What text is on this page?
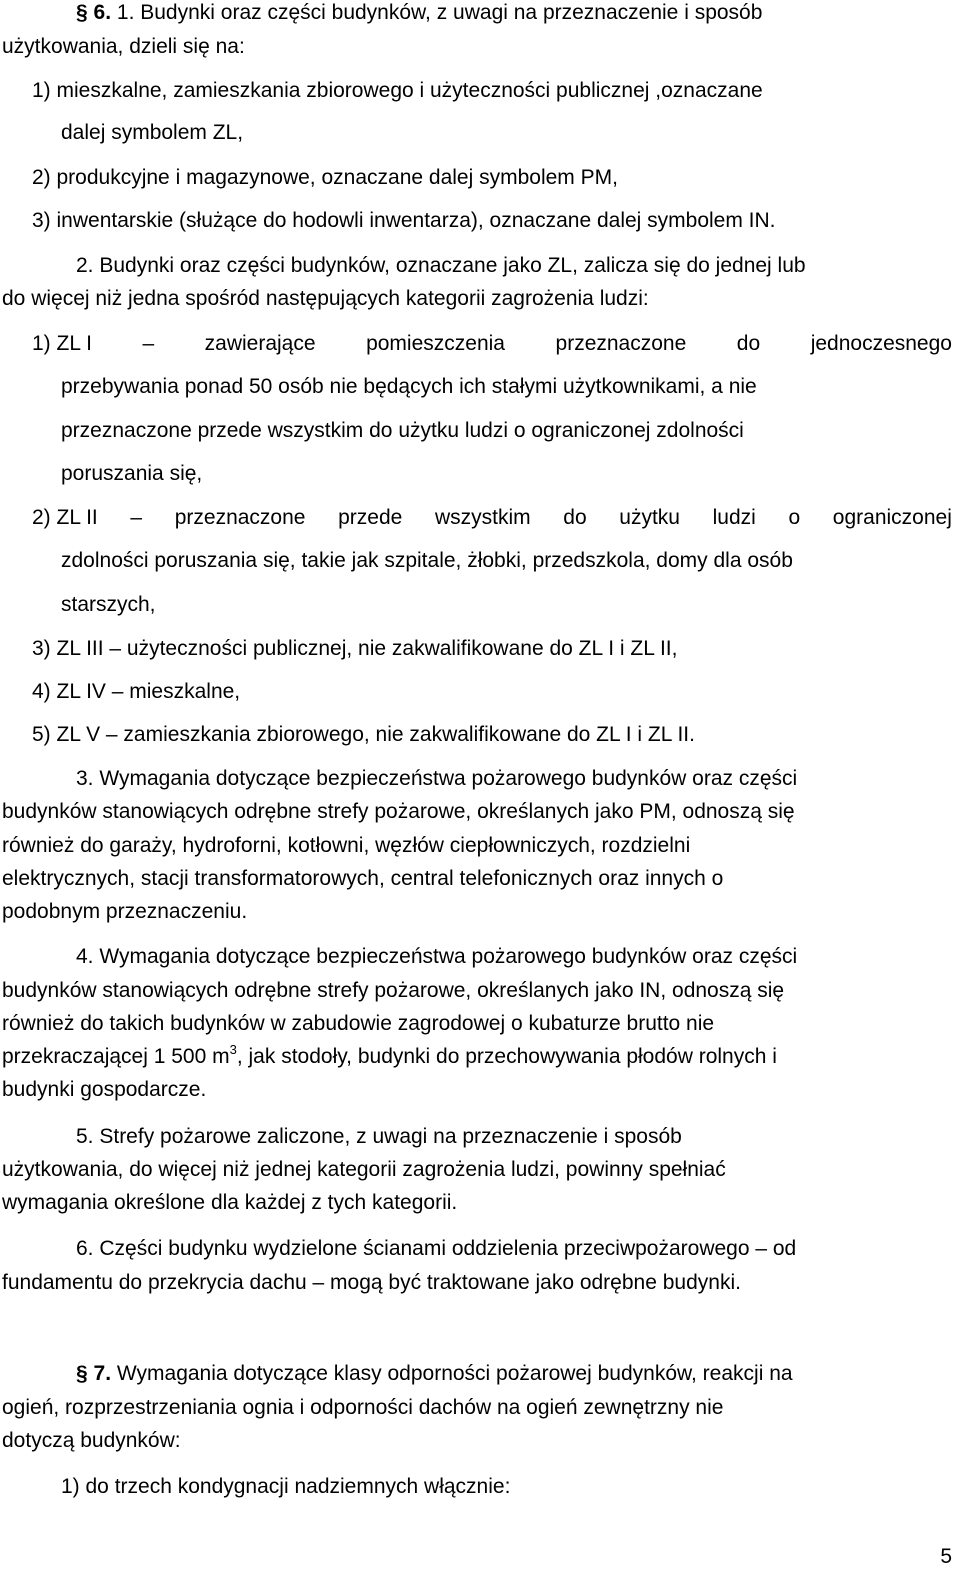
§ 6. 1. Budynki oraz części budynków, z uwagi na przeznaczenie i sposób
użytkowania, dzieli się na:
1) mieszkalne, zamieszkania zbiorowego i użyteczności publicznej ,oznaczane
dalej symbolem ZL,
2) produkcyjne i magazynowe, oznaczane dalej symbolem PM,
3) inwentarskie (służące do hodowli inwentarza), oznaczane dalej symbolem IN.
2. Budynki oraz części budynków, oznaczane jako ZL, zalicza się do jednej lub
do więcej niż jedna spośród następujących kategorii zagrożenia ludzi:
1) ZL I – zawierające pomieszczenia przeznaczone do jednoczesnego
przebywania ponad 50 osób nie będących ich stałymi użytkownikami, a nie
przeznaczone przede wszystkim do użytku ludzi o ograniczonej zdolności
poruszania się,
2) ZL II – przeznaczone przede wszystkim do użytku ludzi o ograniczonej
zdolności poruszania się, takie jak szpitale, żłobki, przedszkola, domy dla osób
starszych,
3) ZL III – użyteczności publicznej, nie zakwalifikowane do ZL I i ZL II,
4) ZL IV – mieszkalne,
5) ZL V – zamieszkania zbiorowego, nie zakwalifikowane do ZL I i ZL II.
3. Wymagania dotyczące bezpieczeństwa pożarowego budynków oraz części
budynków stanowiących odrębne strefy pożarowe, określanych jako PM, odnoszą się
również do garaży, hydroforni, kotłowni, węzłów ciepłowniczych, rozdzielni
elektrycznych, stacji transformatorowych, central telefonicznych oraz innych o
podobnym przeznaczeniu.
4. Wymagania dotyczące bezpieczeństwa pożarowego budynków oraz części
budynków stanowiących odrębne strefy pożarowe, określanych jako IN, odnoszą się
również do takich budynków w zabudowie zagrodowej o kubaturze brutto nie
przekraczającej 1 500 $m^3$, jak stodoły, budynki do przechowywania płodów rolnych i
budynki gospodarcze.
5. Strefy pożarowe zaliczone, z uwagi na przeznaczenie i sposób
użytkowania, do więcej niż jednej kategorii zagrożenia ludzi, powinny spełniać
wymagania określone dla każdej z tych kategorii.
6. Części budynku wydzielone ścianami oddzielenia przeciwpożarowego – od
fundamentu do przekrycia dachu – mogą być traktowane jako odrębne budynki.
§ 7. Wymagania dotyczące klasy odporności pożarowej budynków, reakcji na
ogień, rozprzestrzeniania ognia i odporności dachów na ogień zewnętrzny nie
dotyczą budynków:
1) do trzech kondygnacji nadziemnych włącznie:
5
